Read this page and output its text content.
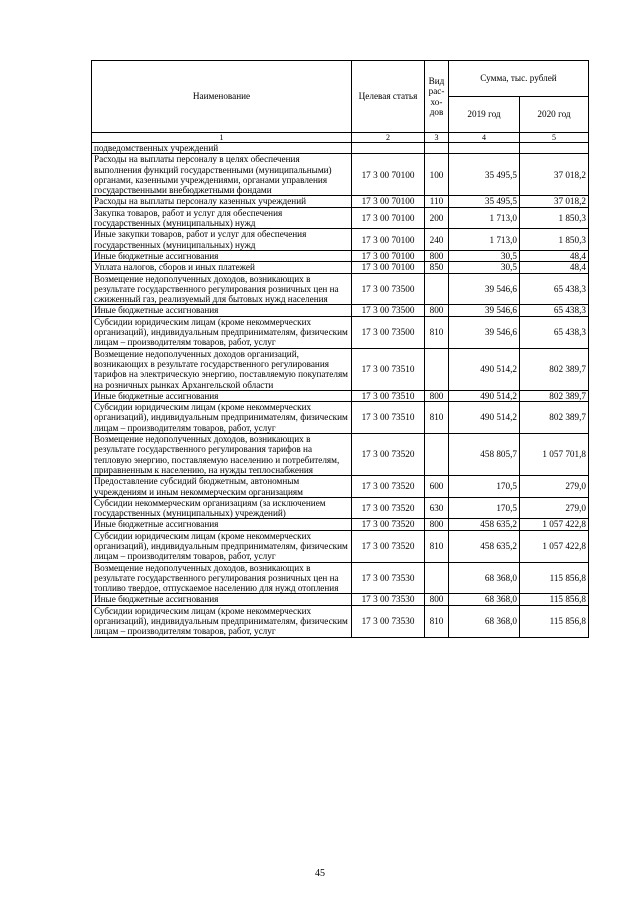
Наименование	Целевая статья	Вид рас-хо-дов	Сумма, тыс. рублей	
			2019 год	2020 год
1	2	3	4	5
подведомственных учреждений				
Расходы на выплаты персоналу в целях обеспечения выполнения функций государственными (муниципальными) органами, казенными учреждениями, органами управления государственными внебюджетными фондами	17 3 00 70100	100	35 495,5	37 018,2
Расходы на выплаты персоналу казенных учреждений	17 3 00 70100	110	35 495,5	37 018,2
Закупка товаров, работ и услуг для обеспечения государственных (муниципальных) нужд	17 3 00 70100	200	1 713,0	1 850,3
Иные закупки товаров, работ и услуг для обеспечения государственных (муниципальных) нужд	17 3 00 70100	240	1 713,0	1 850,3
Иные бюджетные ассигнования	17 3 00 70100	800	30,5	48,4
Уплата налогов, сборов и иных платежей	17 3 00 70100	850	30,5	48,4
Возмещение недополученных доходов, возникающих в результате государственного регулирования розничных цен на сжиженный газ, реализуемый для бытовых нужд населения	17 3 00 73500		39 546,6	65 438,3
Иные бюджетные ассигнования	17 3 00 73500	800	39 546,6	65 438,3
Субсидии юридическим лицам (кроме некоммерческих организаций), индивидуальным предпринимателям, физическим лицам – производителям товаров, работ, услуг	17 3 00 73500	810	39 546,6	65 438,3
Возмещение недополученных доходов организаций, возникающих в результате государственного регулирования тарифов на электрическую энергию, поставляемую покупателям на розничных рынках Архангельской области	17 3 00 73510		490 514,2	802 389,7
Иные бюджетные ассигнования	17 3 00 73510	800	490 514,2	802 389,7
Субсидии юридическим лицам (кроме некоммерческих организаций), индивидуальным предпринимателям, физическим лицам – производителям товаров, работ, услуг	17 3 00 73510	810	490 514,2	802 389,7
Возмещение недополученных доходов, возникающих в результате государственного регулирования тарифов на тепловую энергию, поставляемую населению и потребителям, приравненным к населению, на нужды теплоснабжения	17 3 00 73520		458 805,7	1 057 701,8
Предоставление субсидий бюджетным, автономным учреждениям и иным некоммерческим организациям	17 3 00 73520	600	170,5	279,0
Субсидии некоммерческим организациям (за исключением государственных (муниципальных) учреждений)	17 3 00 73520	630	170,5	279,0
Иные бюджетные ассигнования	17 3 00 73520	800	458 635,2	1 057 422,8
Субсидии юридическим лицам (кроме некоммерческих организаций), индивидуальным предпринимателям, физическим лицам – производителям товаров, работ, услуг	17 3 00 73520	810	458 635,2	1 057 422,8
Возмещение недополученных доходов, возникающих в результате государственного регулирования розничных цен на топливо твердое, отпускаемое населению для нужд отопления	17 3 00 73530		68 368,0	115 856,8
Иные бюджетные ассигнования	17 3 00 73530	800	68 368,0	115 856,8
Субсидии юридическим лицам (кроме некоммерческих организаций), индивидуальным предпринимателям, физическим лицам – производителям товаров, работ, услуг	17 3 00 73530	810	68 368,0	115 856,8
45
